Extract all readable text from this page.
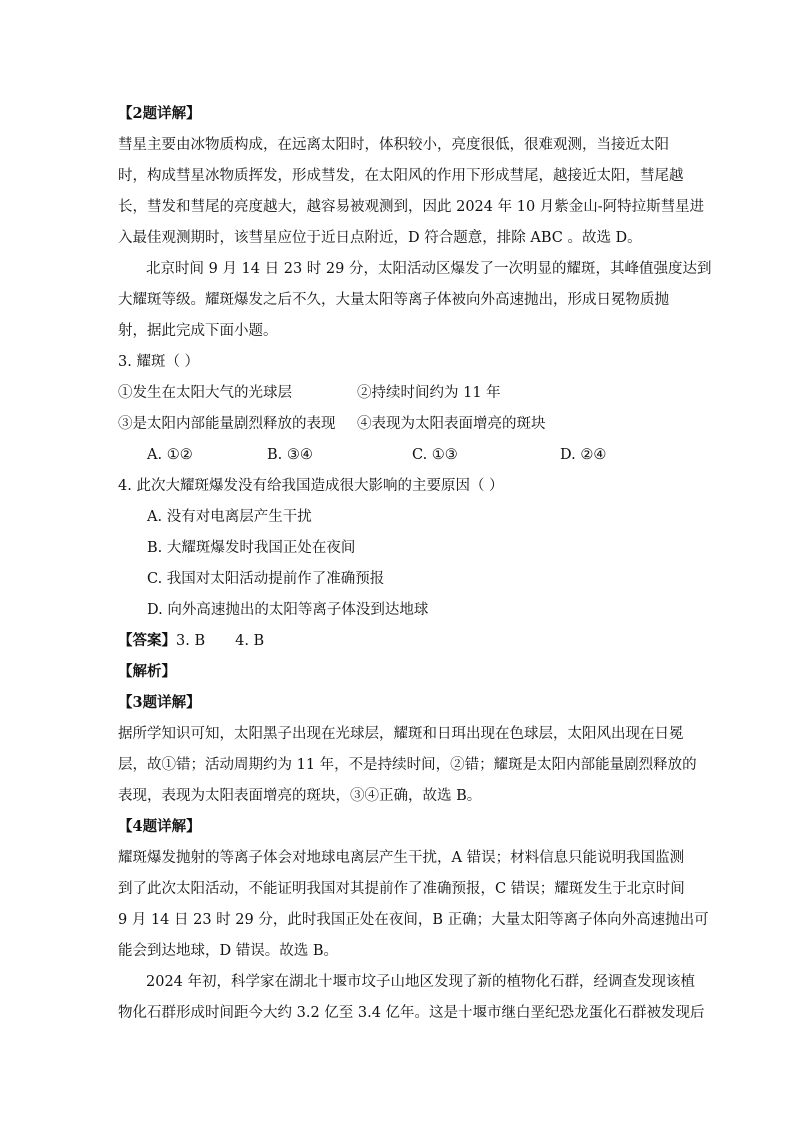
【2题详解】
彗星主要由冰物质构成，在远离太阳时，体积较小，亮度很低，很难观测，当接近太阳
时，构成彗星冰物质挥发，形成彗发，在太阳风的作用下形成彗尾，越接近太阳，彗尾越
长，彗发和彗尾的亮度越大，越容易被观测到，因此 2024 年 10 月紫金山-阿特拉斯彗星进
入最佳观测期时，该彗星应位于近日点附近，D 符合题意，排除 ABC 。故选 D。
北京时间 9 月 14 日 23 时 29 分，太阳活动区爆发了一次明显的耀斑，其峰值强度达到
大耀斑等级。耀斑爆发之后不久，大量太阳等离子体被向外高速抛出，形成日冕物质抛
射，据此完成下面小题。
3. 耀斑（ ）
①发生在太阳大气的光球层	②持续时间约为 11 年
③是太阳内部能量剧烈释放的表现 ④表现为太阳表面增亮的斑块
A. ①②	B. ③④	C. ①③	D. ②④
4. 此次大耀斑爆发没有给我国造成很大影响的主要原因（ ）
A. 没有对电离层产生干扰
B. 大耀斑爆发时我国正处在夜间
C. 我国对太阳活动提前作了准确预报
D. 向外高速抛出的太阳等离子体没到达地球
【答案】3. B 4. B
【解析】
【3题详解】
据所学知识可知，太阳黑子出现在光球层，耀斑和日珥出现在色球层，太阳风出现在日冕
层，故①错；活动周期约为 11 年，不是持续时间，②错；耀斑是太阳内部能量剧烈释放的
表现，表现为太阳表面增亮的斑块，③④正确，故选 B。
【4题详解】
耀斑爆发抛射的等离子体会对地球电离层产生干扰，A 错误；材料信息只能说明我国监测
到了此次太阳活动，不能证明我国对其提前作了准确预报，C 错误；耀斑发生于北京时间
9 月 14 日 23 时 29 分，此时我国正处在夜间，B 正确；大量太阳等离子体向外高速抛出可
能会到达地球，D 错误。故选 B。
2024 年初，科学家在湖北十堰市坟子山地区发现了新的植物化石群，经调查发现该植
物化石群形成时间距今大约 3.2 亿至 3.4 亿年。这是十堰市继白垩纪恐龙蛋化石群被发现后
